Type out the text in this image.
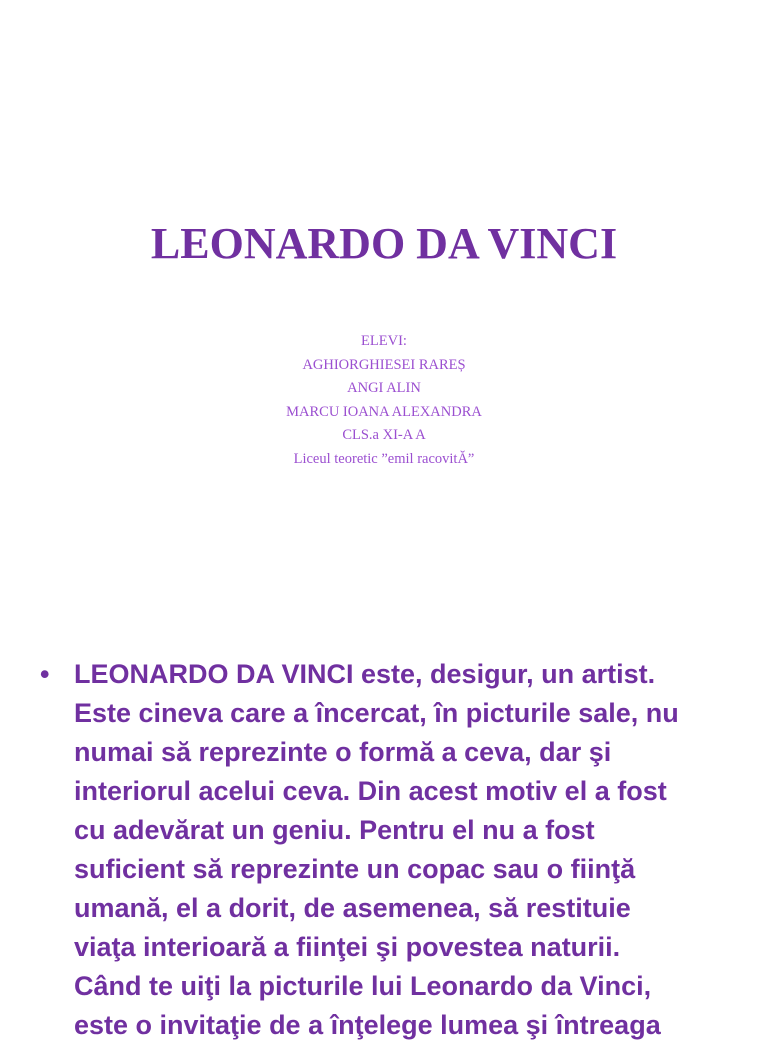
LEONARDO DA VINCI
ELEVI:
AGHIORGHIESEI RAREȘ
ANGI ALIN
MARCU IOANA ALEXANDRA
CLS.a XI-A A
Liceul teoretic ”emil racovitĂ”
• LEONARDO DA VINCI este, desigur, un artist.
Este cineva care a încercat, în picturile sale, nu
numai să reprezinte o formă a ceva, dar şi
interiorul acelui ceva. Din acest motiv el a fost
cu adevărat un geniu. Pentru el nu a fost
suficient să reprezinte un copac sau o fiinţă
umană, el a dorit, de asemenea, să restituie
viaţa interioară a fiinţei şi povestea naturii.
Când te uiţi la picturile lui Leonardo da Vinci,
este o invitaţie de a înţelege lumea şi întreaga
